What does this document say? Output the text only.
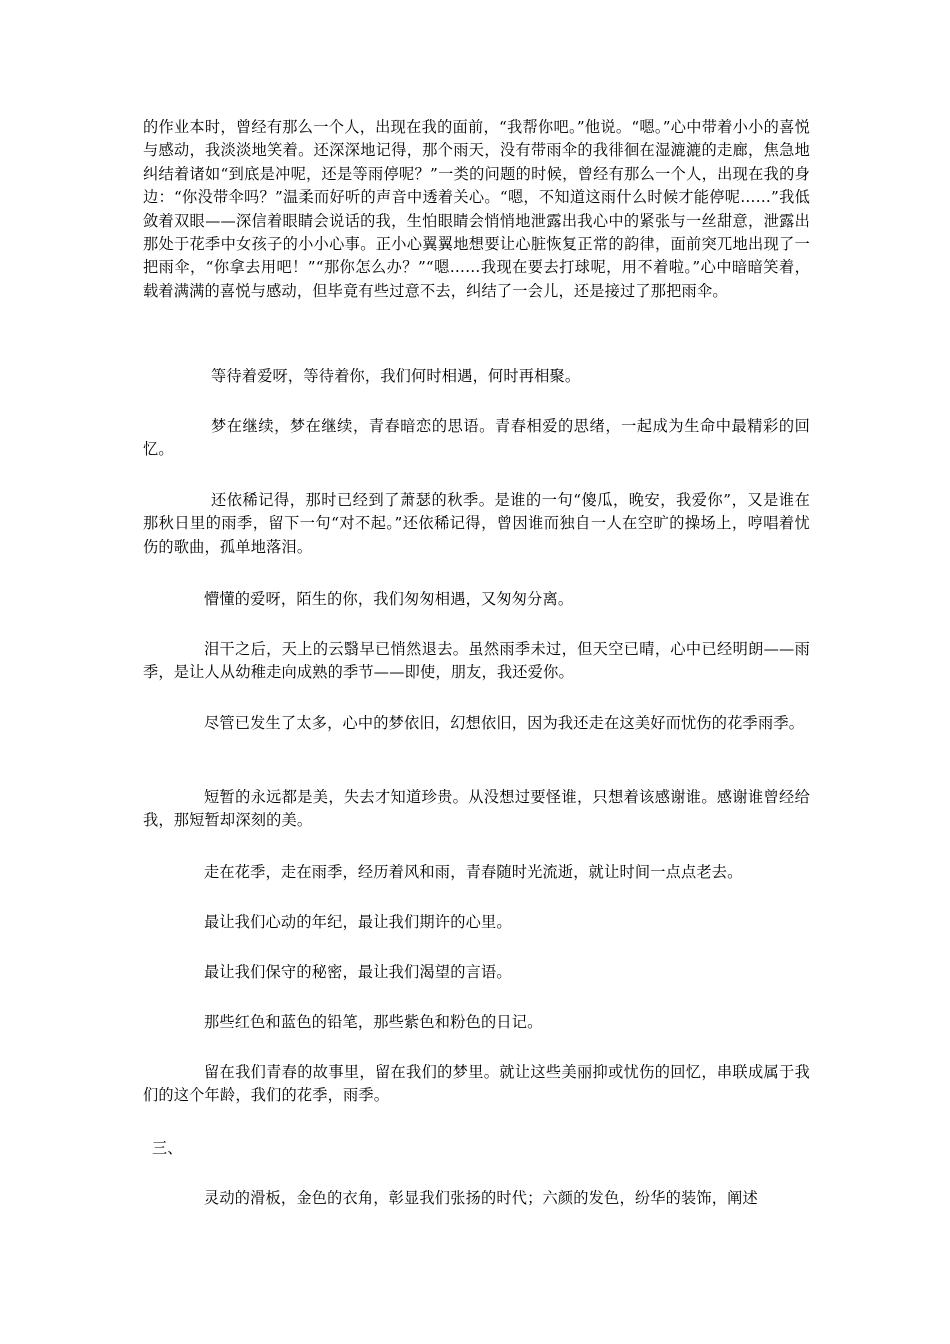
的作业本时，曾经有那么一个人，出现在我的面前，“我帮你吧。”他说。“嗯。”心中带着小小的喜悦与感动，我淡淡地笑着。还深深地记得，那个雨天，没有带雨伞的我徘徊在湿漉漉的走廊，焦急地纠结着诸如“到底是冲呢，还是等雨停呢？”一类的问题的时候，曾经有那么一个人，出现在我的身边：“你没带伞吗？”温柔而好听的声音中透着关心。“嗯，不知道这雨什么时候才能停呢……”我低敛着双眼——深信着眼睛会说话的我，生怕眼睛会悄悄地泄露出我心中的紧张与一丝甜意，泄露出那处于花季中女孩子的小小心事。正小心翼翼地想要让心脏恢复正常的韵律，面前突兀地出现了一把雨伞，“你拿去用吧！”“那你怎么办？”“嗯……我现在要去打球呢，用不着啦。”心中暗暗笑着，载着满满的喜悦与感动，但毕竟有些过意不去，纠结了一会儿，还是接过了那把雨伞。

等待着爱呀，等待着你，我们何时相遇，何时再相聚。

梦在继续，梦在继续，青春暗恋的思语。青春相爱的思绪，一起成为生命中最精彩的回忆。

还依稀记得，那时已经到了萧瑟的秋季。是谁的一句“傻瓜，晚安，我爱你”，又是谁在那秋日里的雨季，留下一句“对不起。”还依稀记得，曾因谁而独自一人在空旷的操场上，哼唱着忧伤的歌曲，孤单地落泪。

懵懂的爱呀，陌生的你，我们匆匆相遇，又匆匆分离。

泪干之后，天上的云翳早已悄然退去。虽然雨季未过，但天空已晴，心中已经明朗——雨季，是让人从幼稚走向成熟的季节——即使，朋友，我还爱你。

尽管已发生了太多，心中的梦依旧，幻想依旧，因为我还走在这美好而忧伤的花季雨季。

短暂的永远都是美，失去才知道珍贵。从没想过要怪谁，只想着该感谢谁。感谢谁曾经给我，那短暂却深刻的美。

走在花季，走在雨季，经历着风和雨，青春随时光流逝，就让时间一点点老去。

最让我们心动的年纪，最让我们期许的心里。

最让我们保守的秘密，最让我们渴望的言语。

那些红色和蓝色的铅笔，那些紫色和粉色的日记。

留在我们青春的故事里，留在我们的梦里。就让这些美丽抑或忧伤的回忆，串联成属于我们的这个年龄，我们的花季，雨季。

三、

灵动的滑板，金色的衣角，彰显我们张扬的时代；六颜的发色，纷华的装饰，阐述
